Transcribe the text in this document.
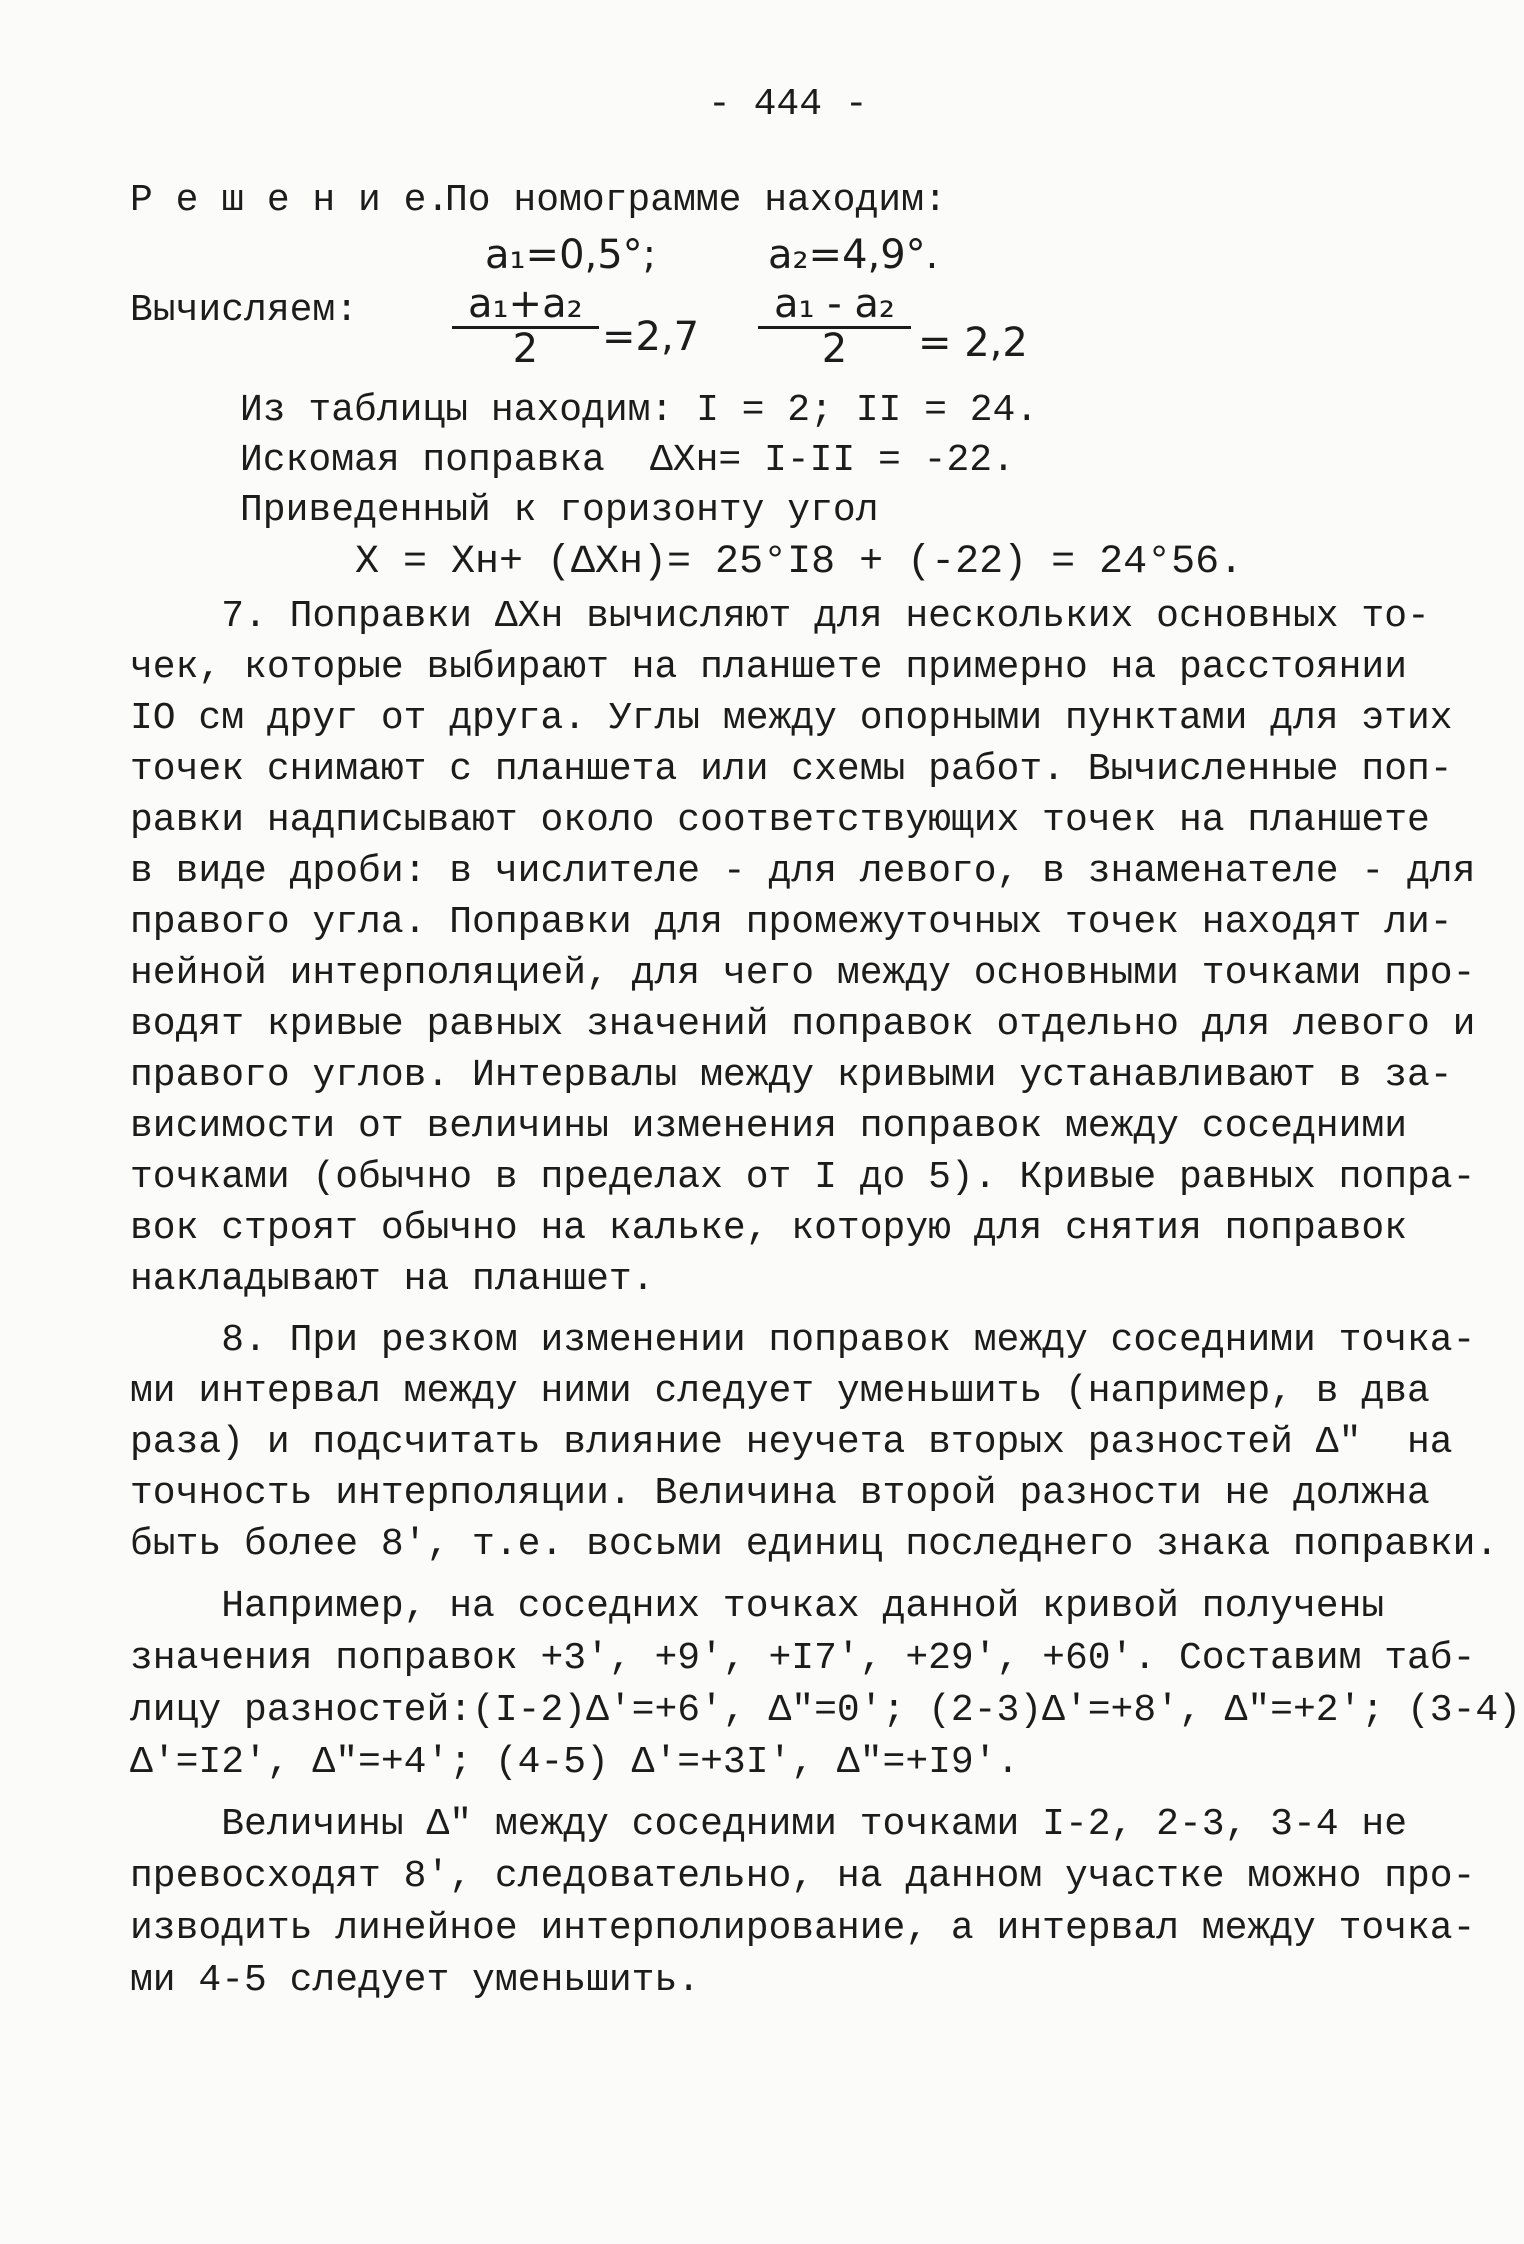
- 444 -
Р е ш е н и е.
По номограмме находим:
a₁=0,5°;	a₂=4,9°.
Вычисляем:	$\frac{\text{a₁+a₂}}{2} =2,7 \frac{\text{a₁ - a₂}}{2} = 2,2$
Из таблицы находим: I = 2; II = 24.
Искомая поправка ΔXн= I-II = -22.
Приведенный к горизонту угол
X = Xн+ (ΔXн)= 25°I8 + (-22) = 24°56.
7. Поправки ΔXн вычисляют для нескольких основных то-
чек, которые выбирают на планшете примерно на расстоянии
IO см друг от друга. Углы между опорными пунктами для этих
точек снимают с планшета или схемы работ. Вычисленные поп-
равки надписывают около соответствующих точек на планшете
в виде дроби: в числителе - для левого, в знаменателе - для
правого угла. Поправки для промежуточных точек находят ли-
нейной интерполяцией, для чего между основными точками про-
водят кривые равных значений поправок отдельно для левого и
правого углов. Интервалы между кривыми устанавливают в за-
висимости от величины изменения поправок между соседними
точками (обычно в пределах от I до 5). Кривые равных попра-
вок строят обычно на кальке, которую для снятия поправок
накладывают на планшет.
8. При резком изменении поправок между соседними точка-
ми интервал между ними следует уменьшить (например, в два
раза) и подсчитать влияние неучета вторых разностей Δ"  на
точность интерполяции. Величина второй разности не должна
быть более 8', т.е. восьми единиц последнего знака поправки.
Например, на соседних точках данной кривой получены
значения поправок +3', +9', +I7', +29', +60'. Составим таб-
лицу разностей:(I-2)Δ'=+6', Δ"=0'; (2-3)Δ'=+8', Δ"=+2'; (3-4)
Δ'=I2', Δ"=+4'; (4-5) Δ'=+3I', Δ"=+I9'.
Величины Δ" между соседними точками I-2, 2-3, 3-4 не
превосходят 8', следовательно, на данном участке можно про-
изводить линейное интерполирование, а интервал между точка-
ми 4-5 следует уменьшить.
